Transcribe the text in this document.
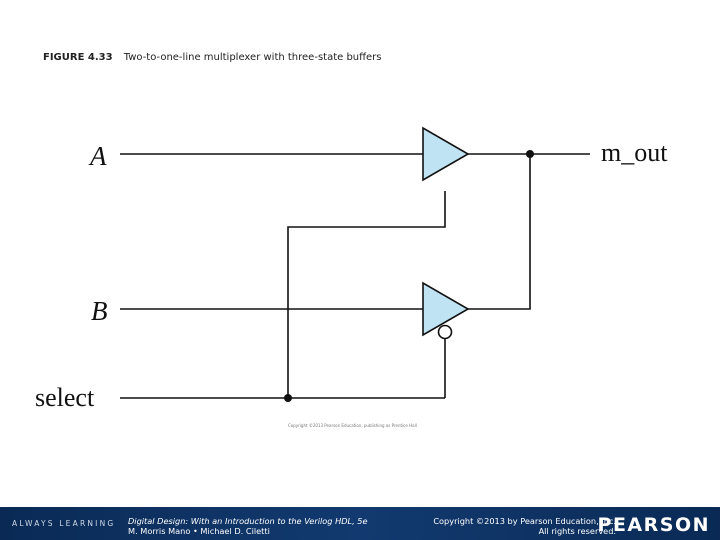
FIGURE 4.33 Two-to-one-line multiplexer with three-state buffers
A
B
select
m_out
Copyright ©2013 Pearson Education, publishing as Prentice Hall
ALWAYS LEARNING Digital Design: With an Introduction to the Verilog HDL, 5e
M. Morris Mano • Michael D. Ciletti
Copyright ©2013 by Pearson Education, Inc.
All rights reserved.
PEARSON
